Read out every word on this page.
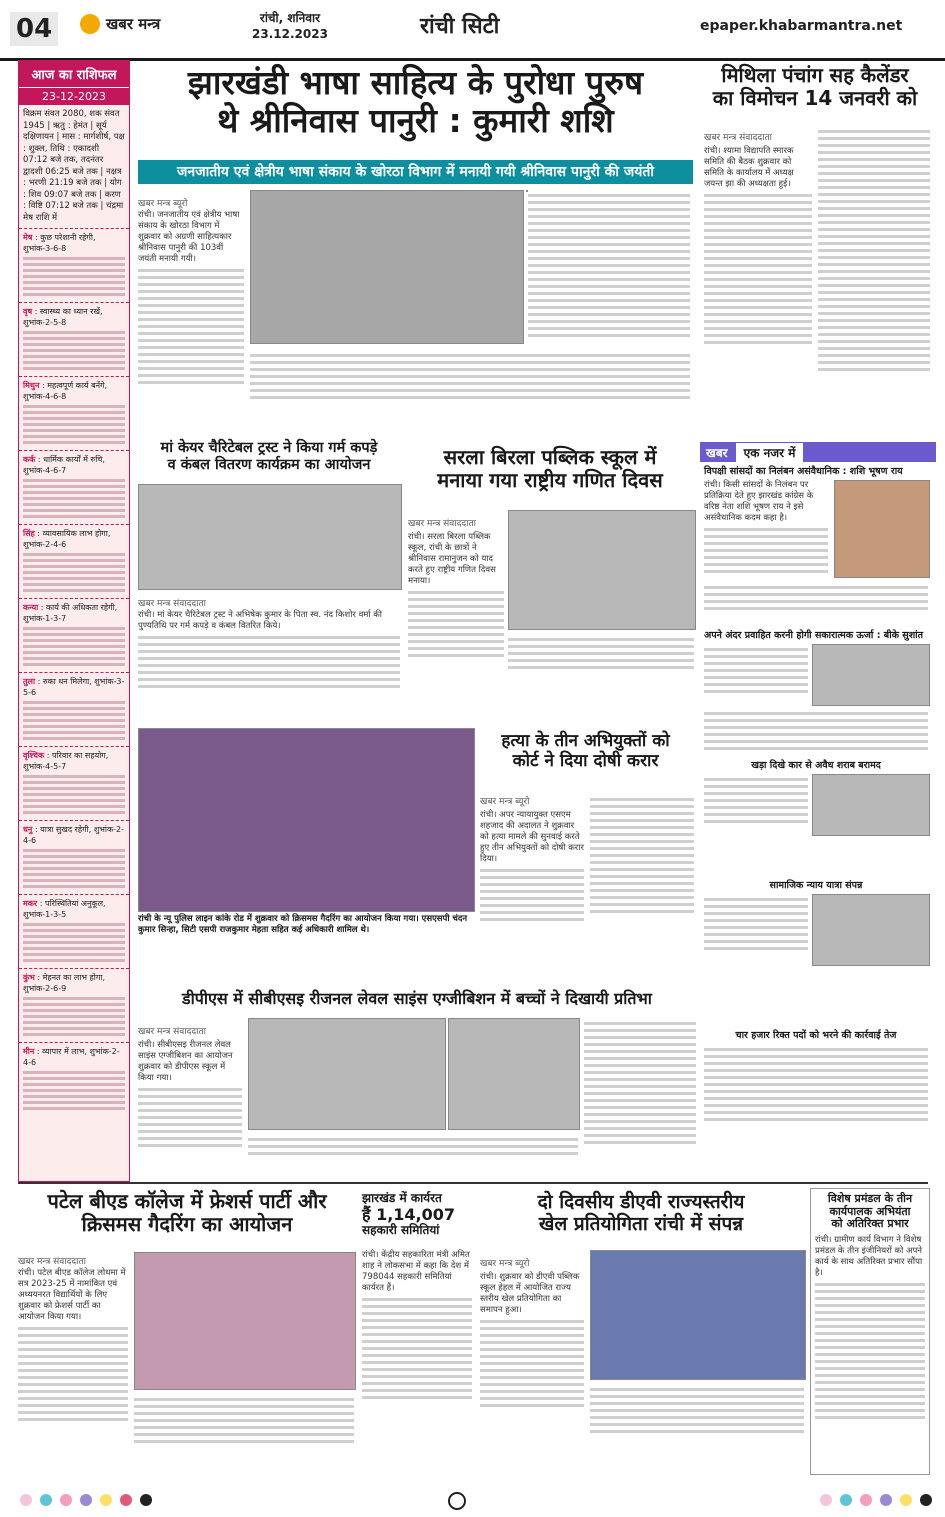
04	खबर मन्त्र	रांची, शनिवार
23.12.2023	रांची सिटी	epaper.khabarmantra.net
आज का राशिफल
23-12-2023
विक्रम संवत 2080, शक संवत 1945 | ऋतु : हेमंत | सूर्य दक्षिणायन | मास : मार्गशीर्ष, पक्ष : शुक्ल, तिथि : एकादशी 07:12 बजे तक, तदनंतर द्वादशी 06:25 बजे तक | नक्षत्र : भरणी 21:19 बजे तक | योग : शिव 09:07 बजे तक | करण : विष्टि 07:12 बजे तक | चंद्रमा मेष राशि में
मेष : कुछ परेशानी रहेगी, शुभांक-3-6-8
वृष : स्वास्थ्य का ध्यान रखें, शुभांक-2-5-8
मिथुन : महत्वपूर्ण कार्य बनेंगे, शुभांक-4-6-8
कर्क : धार्मिक कार्यों में रुचि, शुभांक-4-6-7
सिंह : व्यावसायिक लाभ होगा, शुभांक-2-4-6
कन्या : कार्य की अधिकता रहेगी, शुभांक-1-3-7
तुला : रुका धन मिलेगा, शुभांक-3-5-6
वृश्चिक : परिवार का सहयोग, शुभांक-4-5-7
धनु : यात्रा सुखद रहेगी, शुभांक-2-4-6
मकर : परिस्थितियां अनुकूल, शुभांक-1-3-5
कुंभ : मेहनत का लाभ होगा, शुभांक-2-6-9
मीन : व्यापार में लाभ, शुभांक-2-4-6
झारखंडी भाषा साहित्य के पुरोधा पुरुष
थे श्रीनिवास पानुरी : कुमारी शशि
जनजातीय एवं क्षेत्रीय भाषा संकाय के खोरठा विभाग में मनायी गयी श्रीनिवास पानुरी की जयंती
खबर मन्त्र ब्यूरो
रांची। जनजातीय एवं क्षेत्रीय भाषा संकाय के खोरठा विभाग में शुक्रवार को अग्रणी साहित्यकार श्रीनिवास पानुरी की 103वीं जयंती मनायी गयी।
मिथिला पंचांग सह कैलेंडर
का विमोचन 14 जनवरी को
खबर मन्त्र संवाददाता
रांची। श्यामा विद्यापति स्मारक समिति की बैठक शुक्रवार को समिति के कार्यालय में अध्यक्ष जयन्त झा की अध्यक्षता हुई।
मां केयर चैरिटेबल ट्रस्ट ने किया गर्म कपड़े
व कंबल वितरण कार्यक्रम का आयोजन
खबर मन्त्र संवाददाता
रांची। मां केयर चैरिटेबल ट्रस्ट ने अभिषेक कुमार के पिता स्व. नंद किशोर वर्मा की पुण्यतिथि पर गर्म कपड़े व कंबल वितरित किये।
सरला बिरला पब्लिक स्कूल में
मनाया गया राष्ट्रीय गणित दिवस
खबर मन्त्र संवाददाता
रांची। सरला बिरला पब्लिक स्कूल, रांची के छात्रों ने श्रीनिवास रामानुजन को याद करते हुए राष्ट्रीय गणित दिवस मनाया।
रांची के न्यू पुलिस लाइन कांके रोड में शुक्रवार को क्रिसमस गैदरिंग का आयोजन किया गया। एसएसपी चंदन कुमार सिन्हा, सिटी एसपी राजकुमार मेहता सहित कई अधिकारी शामिल थे।
हत्या के तीन अभियुक्तों को
कोर्ट ने दिया दोषी करार
खबर मन्त्र ब्यूरो
रांची। अपर न्यायायुक्त एसएम शहजाद की अदालत ने शुक्रवार को हत्या मामले की सुनवाई करते हुए तीन अभियुक्तों को दोषी करार दिया।
खबर	एक नजर में
विपक्षी सांसदों का निलंबन असंवैधानिक : शशि भूषण राय
रांची। किसी सांसदों के निलंबन पर प्रतिक्रिया देते हुए झारखंड कांग्रेस के वरिष्ठ नेता शशि भूषण राय ने इसे असंवैधानिक कदम कहा है।
अपने अंदर प्रवाहित करनी होगी सकारात्मक ऊर्जा : बीके सुशांत
खड़ा दिखे कार से अवैध शराब बरामद
सामाजिक न्याय यात्रा संपन्न
चार हजार रिक्त पदों को भरने की कार्रवाई तेज
डीपीएस में सीबीएसइ रीजनल लेवल साइंस एग्जीबिशन में बच्चों ने दिखायी प्रतिभा
खबर मन्त्र संवाददाता
रांची। सीबीएसइ रीजनल लेवल साइंस एग्जीबिशन का आयोजन शुक्रवार को डीपीएस स्कूल में किया गया।
पटेल बीएड कॉलेज में फ्रेशर्स पार्टी और
क्रिसमस गैदरिंग का आयोजन
खबर मन्त्र संवाददाता
रांची। पटेल बीएड कॉलेज लोधमा में सत्र 2023-25 में नामांकित एवं अध्ययनरत विद्यार्थियों के लिए शुक्रवार को फ्रेशर्स पार्टी का आयोजन किया गया।
झारखंड में कार्यरत
हैं 1,14,007
सहकारी समितियां
रांची। केंद्रीय सहकारिता मंत्री अमित शाह ने लोकसभा में कहा कि देश में 798044 सहकारी समितियां कार्यरत हैं।
दो दिवसीय डीएवी राज्यस्तरीय
खेल प्रतियोगिता रांची में संपन्न
खबर मन्त्र ब्यूरो
रांची। शुक्रवार को डीएवी पब्लिक स्कूल हेहल में आयोजित राज्य स्तरीय खेल प्रतियोगिता का समापन हुआ।
विशेष प्रमंडल के तीन
कार्यपालक अभियंता
को अतिरिक्त प्रभार
रांची। ग्रामीण कार्य विभाग ने विशेष प्रमंडल के तीन इंजीनियरों को अपने कार्य के साथ अतिरिक्त प्रभार सौंपा है।
